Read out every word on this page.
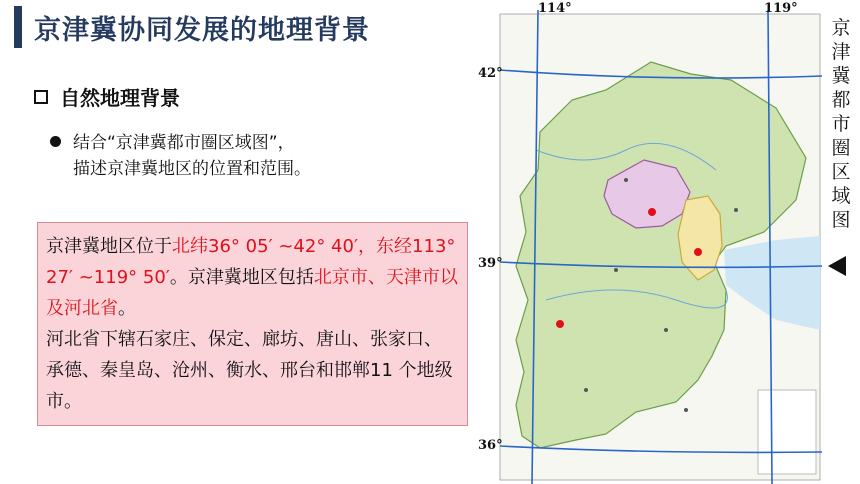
京津冀协同发展的地理背景
自然地理背景
结合“京津冀都市圈区域图”，
描述京津冀地区的位置和范围。

京津冀地区位于北纬36° 05′ ~42° 40′，东经113° 27′ ~119° 50′。京津冀地区包括北京市、天津市以及河北省。

河北省下辖石家庄、保定、廊坊、唐山、张家口、承德、秦皇岛、沧州、衡水、邢台和邯郸11 个地级市。

114°	119°
42°
39°
36°
京津冀都市圈区域图
